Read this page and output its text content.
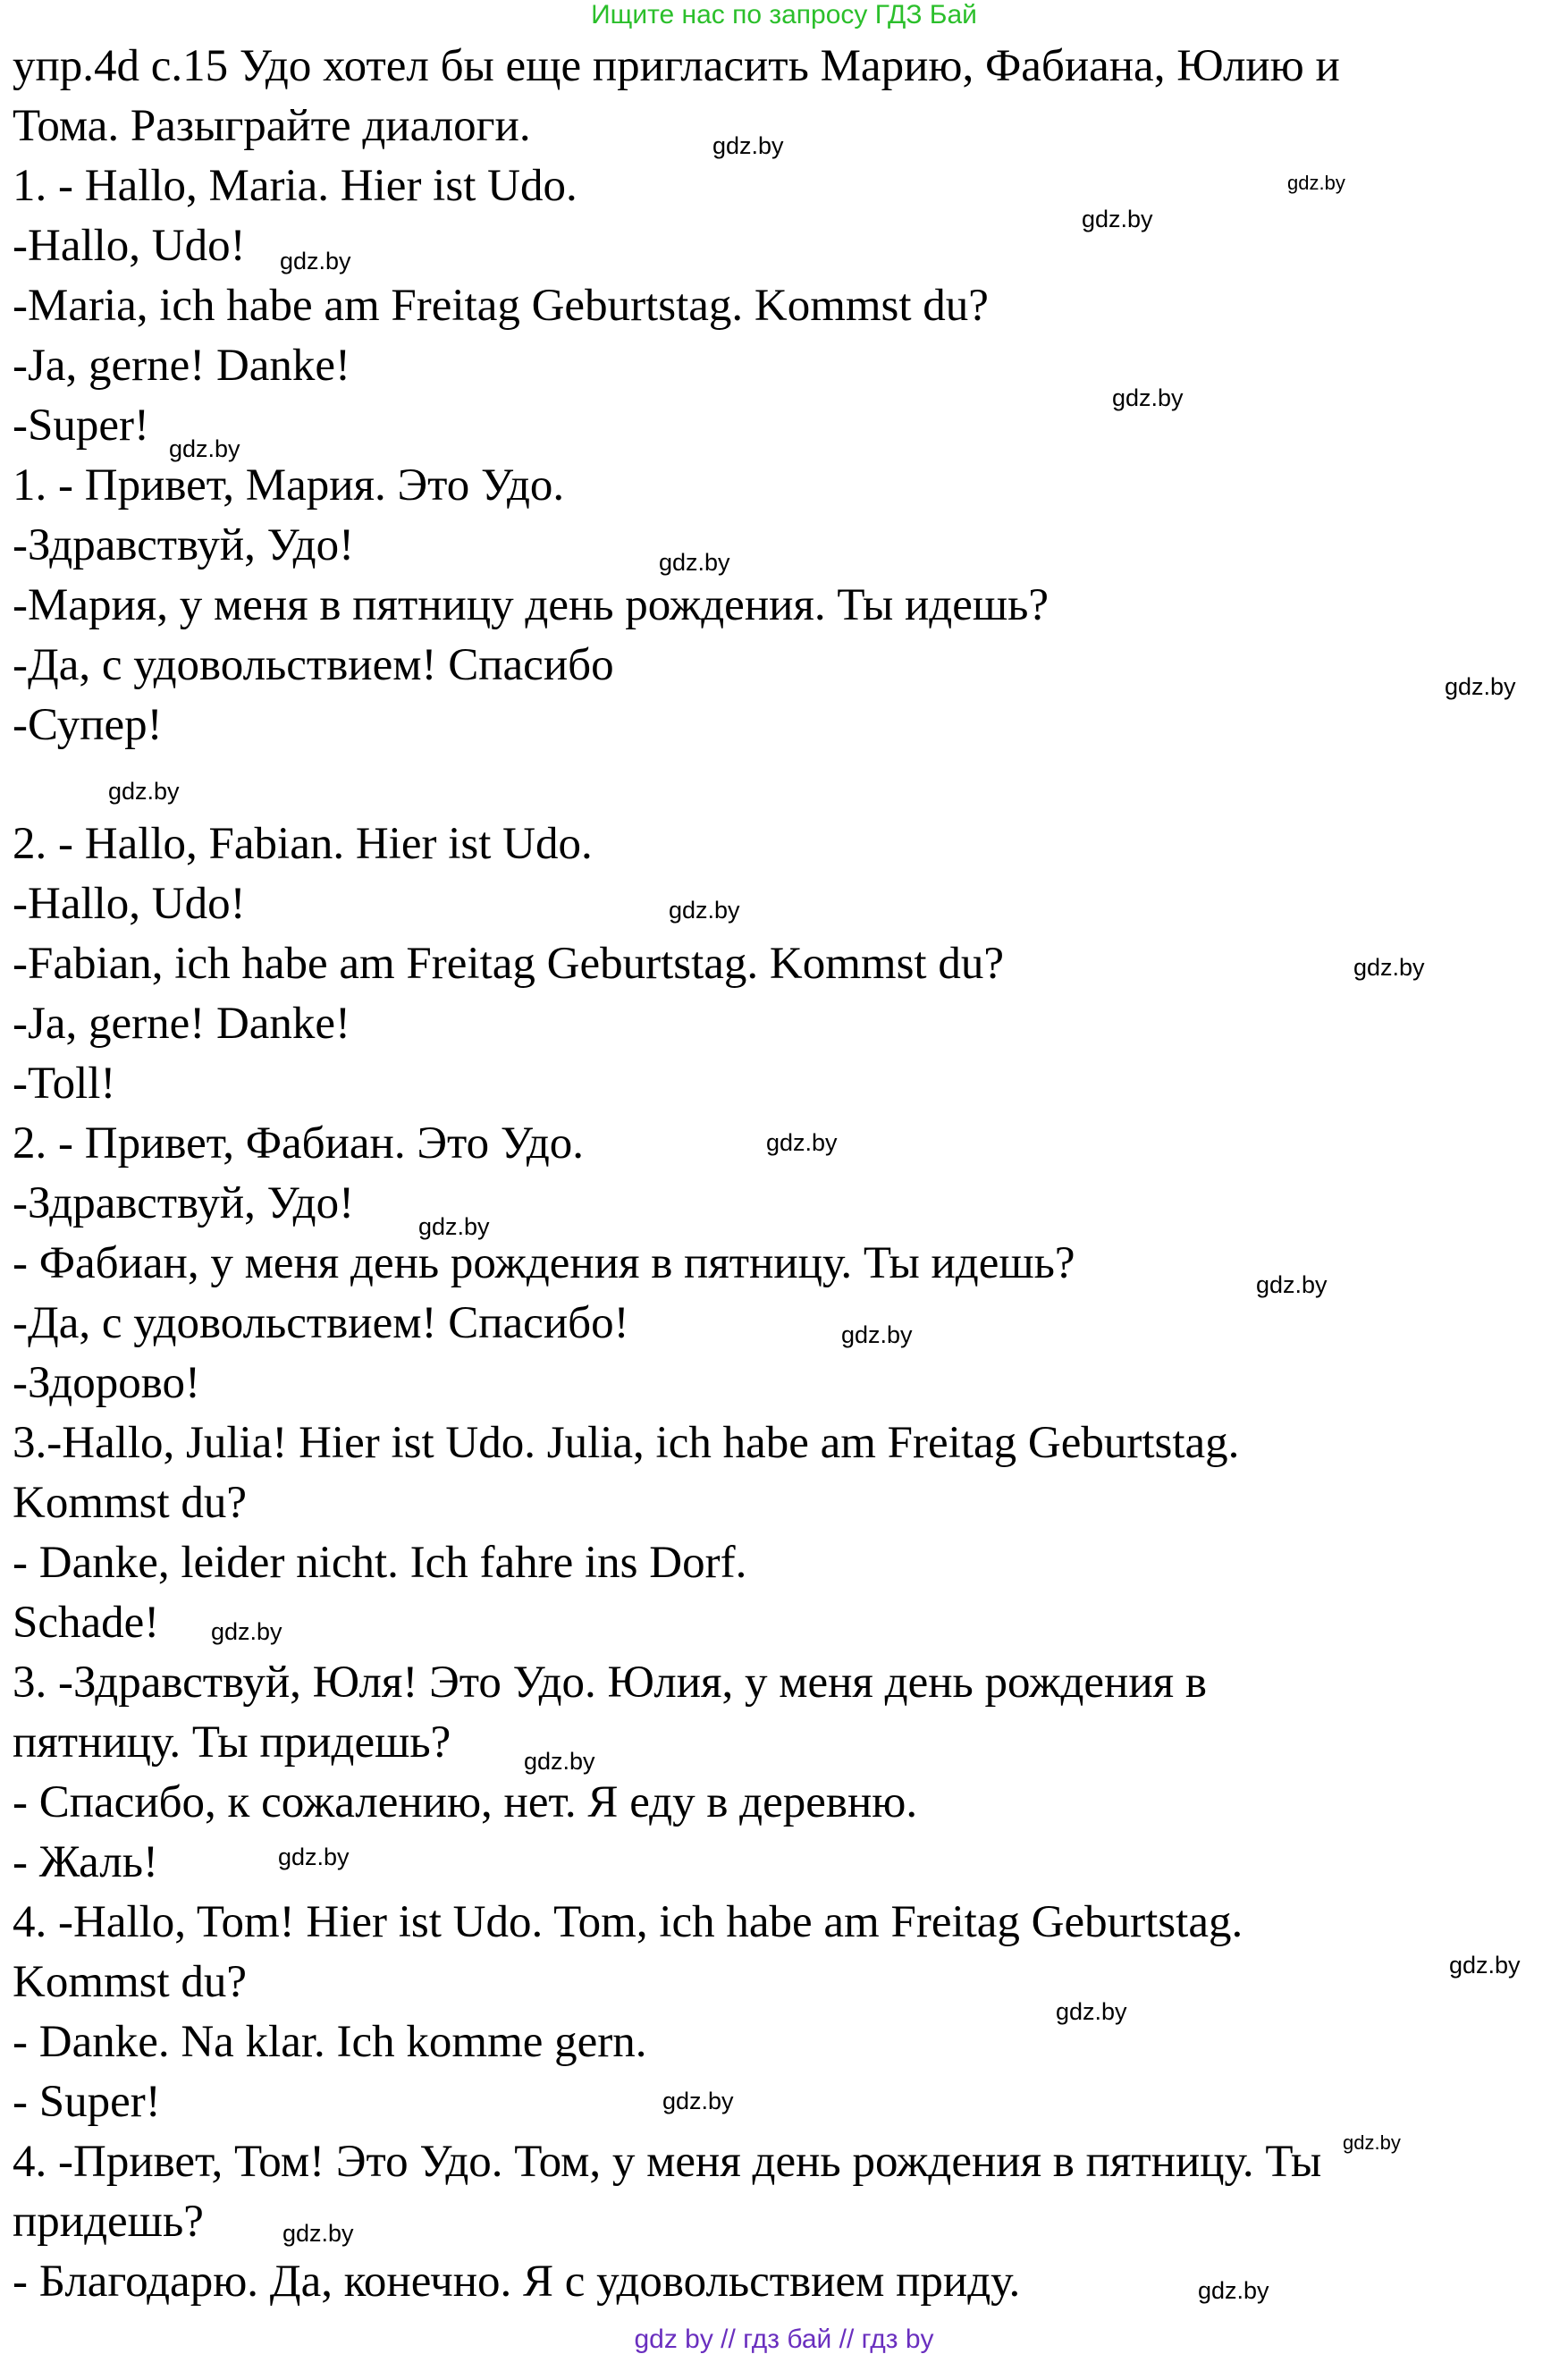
Ищите нас по запросу ГДЗ Бай
упр.4d с.15 Удо хотел бы еще пригласить Марию, Фабиана, Юлию и
Тома. Разыграйте диалоги.
1. - Hallo, Maria. Hier ist Udo.
-Hallo, Udo!
-Maria, ich habe am Freitag Geburtstag. Kommst du?
-Ja, gerne! Danke!
-Super!
1. - Привет, Мария. Это Удо.
-Здравствуй, Удо!
-Мария, у меня в пятницу день рождения. Ты идешь?
-Да, с удовольствием! Спасибо
-Супер!
2. - Hallo, Fabian. Hier ist Udo.
-Hallo, Udo!
-Fabian, ich habe am Freitag Geburtstag. Kommst du?
-Ja, gerne! Danke!
-Toll!
2. - Привет, Фабиан. Это Удо.
-Здравствуй, Удо!
- Фабиан, у меня день рождения в пятницу. Ты идешь?
-Да, с удовольствием! Спасибо!
-Здорово!
3.-Hallo, Julia! Hier ist Udo. Julia, ich habe am Freitag Geburtstag.
Kommst du?
- Danke, leider nicht. Ich fahre ins Dorf.
Schade!
3. -Здравствуй, Юля! Это Удо. Юлия, у меня день рождения в
пятницу. Ты придешь?
- Спасибо, к сожалению, нет. Я еду в деревню.
- Жаль!
4. -Hallo, Tom! Hier ist Udo. Tom, ich habe am Freitag Geburtstag.
Kommst du?
- Danke. Na klar. Ich komme gern.
- Super!
4. -Привет, Том! Это Удо. Том, у меня день рождения в пятницу. Ты
придешь?
- Благодарю. Да, конечно. Я с удовольствием приду.
gdz.by
gdz.by
gdz.by
gdz.by
gdz.by
gdz.by
gdz.by
gdz.by
gdz.by
gdz.by
gdz.by
gdz.by
gdz.by
gdz.by
gdz.by
gdz.by
gdz.by
gdz.by
gdz.by
gdz.by
gdz.by
gdz.by
gdz.by
gdz.by
gdz by // гдз бай // гдз by
